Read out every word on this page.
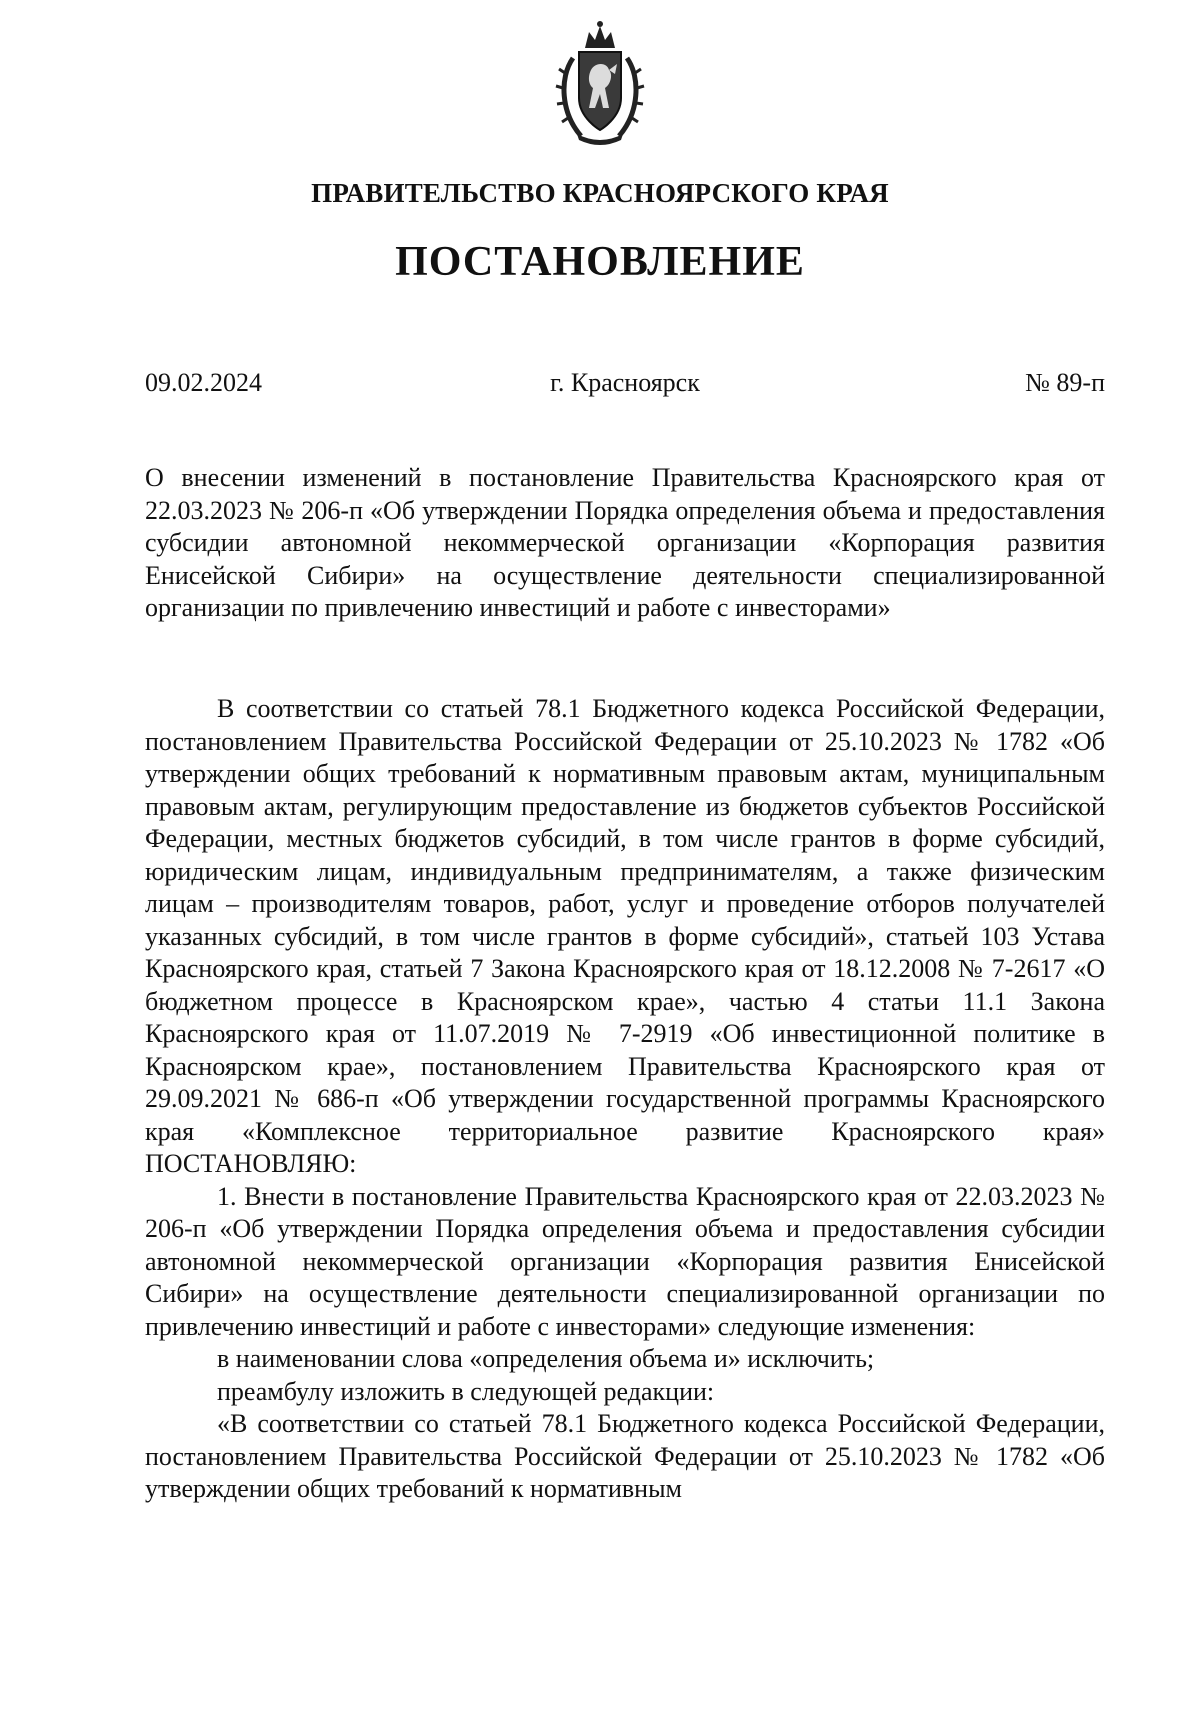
ПРАВИТЕЛЬСТВО КРАСНОЯРСКОГО КРАЯ
ПОСТАНОВЛЕНИЕ
09.02.2024	г. Красноярск	№ 89-п
О внесении изменений в постановление Правительства Красноярского края от 22.03.2023 № 206-п «Об утверждении Порядка определения объема и предоставления субсидии автономной некоммерческой организации «Корпорация развития Енисейской Сибири» на осуществление деятельности специализированной организации по привлечению инвестиций и работе с инвесторами»

В соответствии со статьей 78.1 Бюджетного кодекса Российской Федерации, постановлением Правительства Российской Федерации от 25.10.2023 № 1782 «Об утверждении общих требований к нормативным правовым актам, муниципальным правовым актам, регулирующим предоставление из бюджетов субъектов Российской Федерации, местных бюджетов субсидий, в том числе грантов в форме субсидий, юридическим лицам, индивидуальным предпринимателям, а также физическим лицам – производителям товаров, работ, услуг и проведение отборов получателей указанных субсидий, в том числе грантов в форме субсидий», статьей 103 Устава Красноярского края, статьей 7 Закона Красноярского края от 18.12.2008 № 7-2617 «О бюджетном процессе в Красноярском крае», частью 4 статьи 11.1 Закона Красноярского края от 11.07.2019 № 7-2919 «Об инвестиционной политике в Красноярском крае», постановлением Правительства Красноярского края от 29.09.2021 № 686-п «Об утверждении государственной программы Красноярского края «Комплексное территориальное развитие Красноярского края» ПОСТАНОВЛЯЮ:

1. Внести в постановление Правительства Красноярского края от 22.03.2023 № 206-п «Об утверждении Порядка определения объема и предоставления субсидии автономной некоммерческой организации «Корпорация развития Енисейской Сибири» на осуществление деятельности специализированной организации по привлечению инвестиций и работе с инвесторами» следующие изменения:

в наименовании слова «определения объема и» исключить;

преамбулу изложить в следующей редакции:

«В соответствии со статьей 78.1 Бюджетного кодекса Российской Федерации, постановлением Правительства Российской Федерации от 25.10.2023 № 1782 «Об утверждении общих требований к нормативным
